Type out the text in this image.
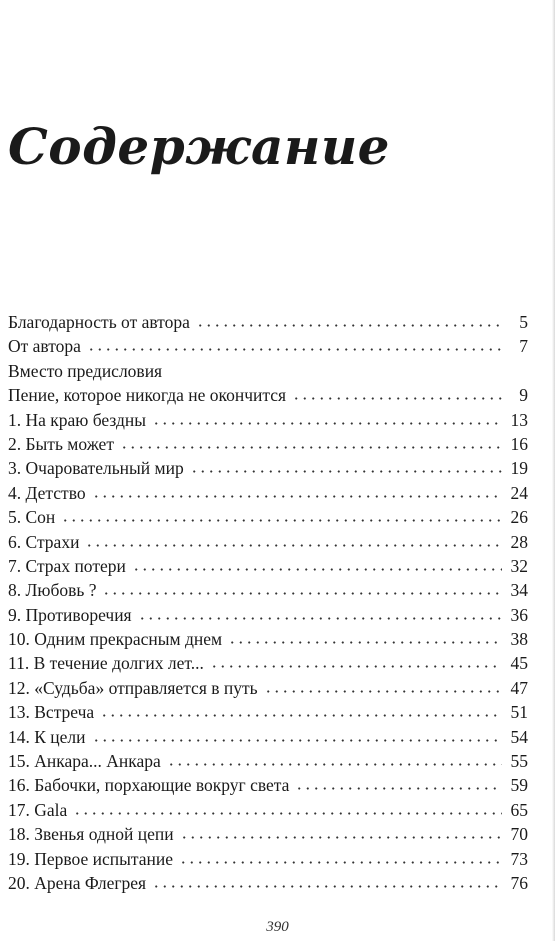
Содержание
Благодарность от автора	5
От автора	7
Вместо предисловия
Пение, которое никогда не окончится	9
1. На краю бездны	13
2. Быть может	16
3. Очаровательный мир	19
4. Детство	24
5. Сон	26
6. Страхи	28
7. Страх потери	32
8. Любовь ?	34
9. Противоречия	36
10. Одним прекрасным днем	38
11. В течение долгих лет...	45
12. «Судьба» отправляется в путь	47
13. Встреча	51
14. К цели	54
15. Анкара... Анкара	55
16. Бабочки, порхающие вокруг света	59
17. Gala	65
18. Звенья одной цепи	70
19. Первое испытание	73
20. Арена Флегрея	76
390
